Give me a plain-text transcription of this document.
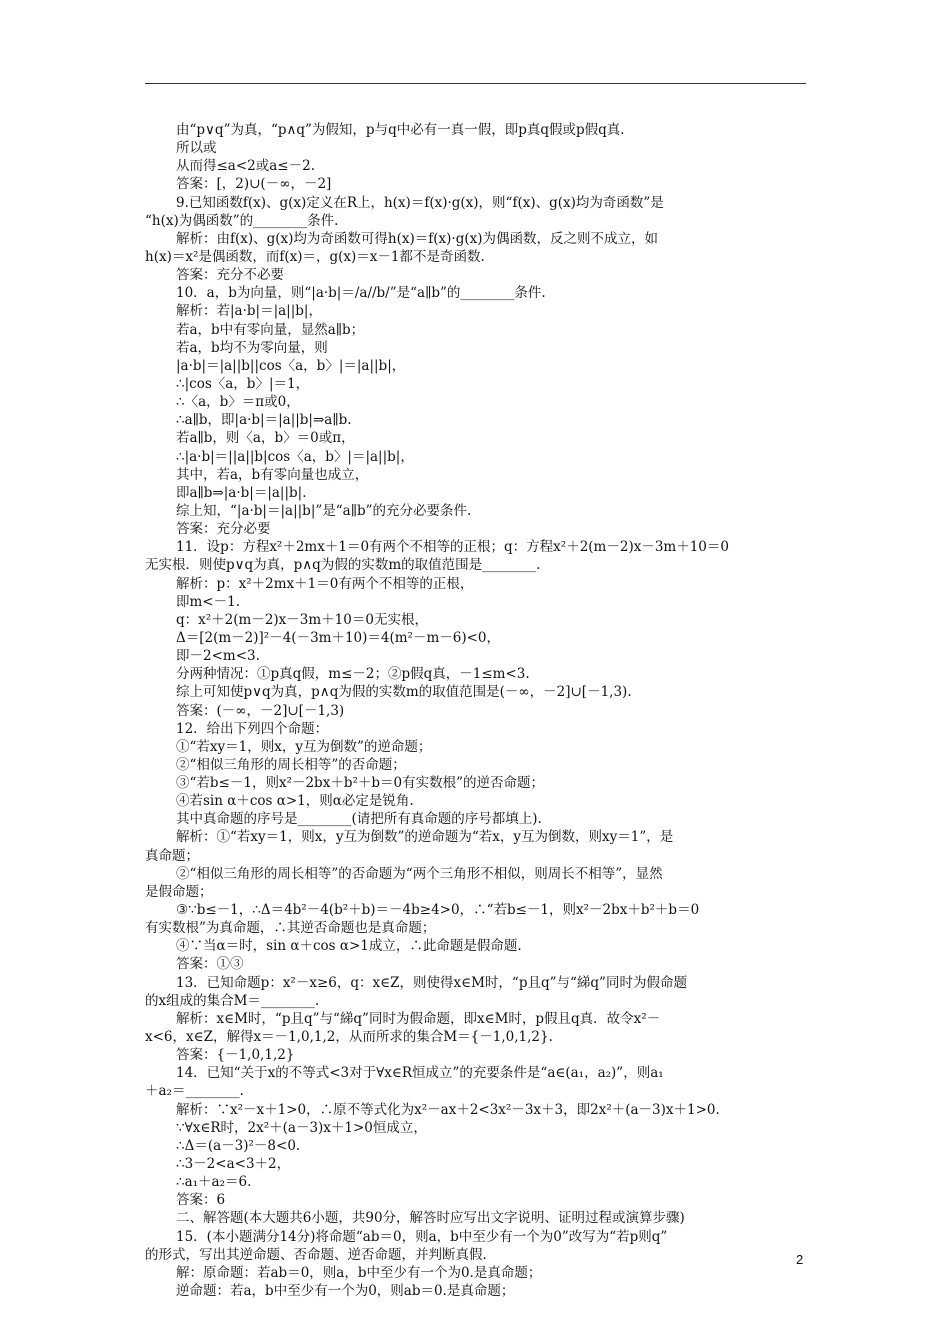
由“p∨q”为真，“p∧q”为假知，p与q中必有一真一假，即p真q假或p假q真．
所以或
从而得≤a<2或a≤－2.
答案：[，2)∪(－∞，－2]
9.已知函数f(x)、g(x)定义在R上，h(x)＝f(x)·g(x)，则“f(x)、g(x)均为奇函数”是
“h(x)为偶函数”的________条件.
解析：由f(x)、g(x)均为奇函数可得h(x)＝f(x)·g(x)为偶函数，反之则不成立，如
h(x)＝x²是偶函数，而f(x)＝，g(x)＝x－1都不是奇函数.
答案：充分不必要
10．a，b为向量，则“|a·b|＝/a//b/”是“a∥b”的________条件.
解析：若|a·b|＝|a||b|，
若a，b中有零向量，显然a∥b；
若a，b均不为零向量，则
|a·b|＝|a||b||cos〈a，b〉|＝|a||b|，
∴|cos〈a，b〉|＝1，
∴〈a，b〉＝π或0，
∴a∥b，即|a·b|＝|a||b|⇒a∥b.
若a∥b，则〈a，b〉＝0或π，
∴|a·b|＝||a||b|cos〈a，b〉|＝|a||b|，
其中，若a，b有零向量也成立，
即a∥b⇒|a·b|＝|a||b|.
综上知，“|a·b|＝|a||b|”是“a∥b”的充分必要条件.
答案：充分必要
11．设p：方程x²＋2mx＋1＝0有两个不相等的正根；q：方程x²＋2(m－2)x－3m＋10＝0
无实根．则使p∨q为真，p∧q为假的实数m的取值范围是________.
解析：p：x²＋2mx＋1＝0有两个不相等的正根，
即m<－1.
q：x²＋2(m－2)x－3m＋10＝0无实根，
Δ＝[2(m－2)]²－4(－3m＋10)＝4(m²－m－6)<0，
即－2<m<3.
分两种情况：①p真q假，m≤－2；②p假q真，－1≤m<3.
综上可知使p∨q为真，p∧q为假的实数m的取值范围是(－∞，－2]∪[－1,3).
答案：(－∞，－2]∪[－1,3)
12．给出下列四个命题：
①“若xy＝1，则x，y互为倒数”的逆命题；
②“相似三角形的周长相等”的否命题；
③“若b≤－1，则x²－2bx＋b²＋b＝0有实数根”的逆否命题；
④若sin α＋cos α>1，则α必定是锐角.
其中真命题的序号是________(请把所有真命题的序号都填上).
解析：①“若xy＝1，则x，y互为倒数”的逆命题为“若x，y互为倒数，则xy＝1”，是
真命题；
②“相似三角形的周长相等”的否命题为“两个三角形不相似，则周长不相等”，显然
是假命题；
③∵b≤－1，∴Δ＝4b²－4(b²＋b)＝－4b≥4>0，∴“若b≤－1，则x²－2bx＋b²＋b＝0
有实数根”为真命题，∴其逆否命题也是真命题；
④∵当α＝时，sin α＋cos α>1成立，∴此命题是假命题.
答案：①③
13．已知命题p：x²－x≥6，q：x∈Z，则使得x∈M时，“p且q”与“綈q”同时为假命题
的x组成的集合M＝________.
解析：x∈M时，“p且q”与“綈q”同时为假命题，即x∈M时，p假且q真．故令x²－
x<6，x∈Z，解得x＝－1,0,1,2，从而所求的集合M＝{－1,0,1,2}.
答案：{－1,0,1,2}
14．已知“关于x的不等式<3对于∀x∈R恒成立”的充要条件是“a∈(a₁，a₂)”，则a₁
＋a₂＝________.
解析：∵x²－x＋1>0，∴原不等式化为x²－ax＋2<3x²－3x＋3，即2x²＋(a－3)x＋1>0.
∵∀x∈R时，2x²＋(a－3)x＋1>0恒成立，
∴Δ＝(a－3)²－8<0.
∴3－2<a<3＋2，
∴a₁＋a₂＝6.
答案：6
二、解答题(本大题共6小题，共90分，解答时应写出文字说明、证明过程或演算步骤)
15．(本小题满分14分)将命题“ab＝0，则a，b中至少有一个为0”改写为“若p则q”
的形式，写出其逆命题、否命题、逆否命题，并判断真假.
解：原命题：若ab＝0，则a，b中至少有一个为0.是真命题；
逆命题：若a，b中至少有一个为0，则ab＝0.是真命题；
2
